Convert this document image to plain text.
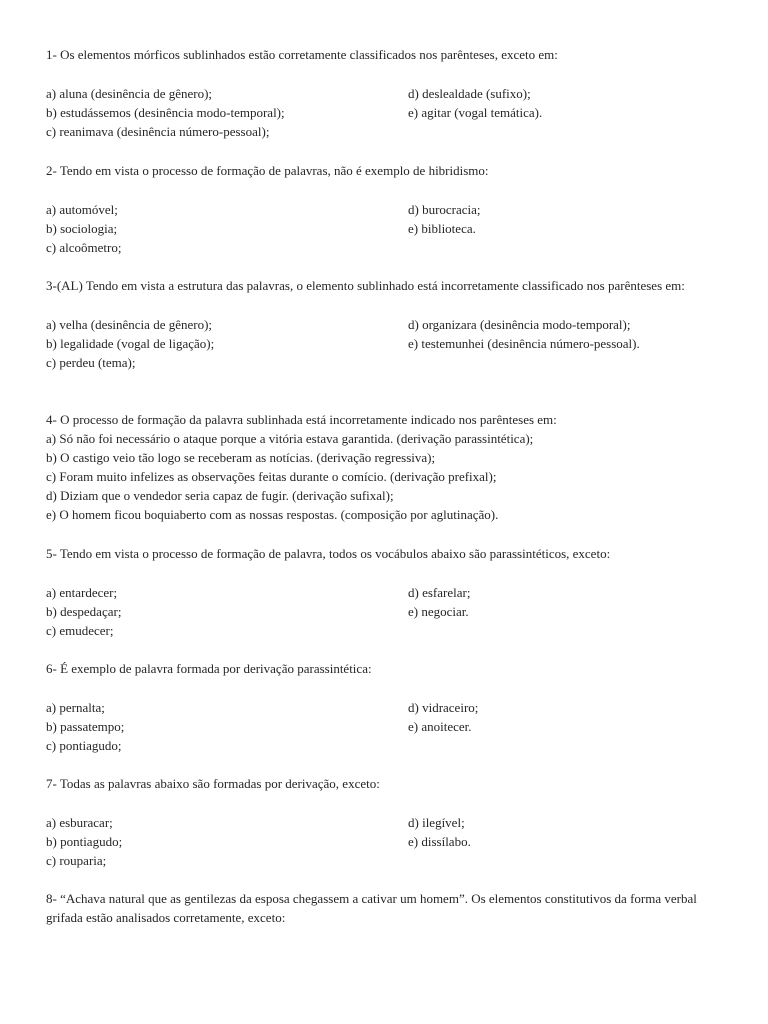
1- Os elementos mórficos sublinhados estão corretamente classificados nos parênteses, exceto em:
a) aluna (desinência de gênero);	d) deslealdade (sufixo);
b) estudássemos (desinência modo-temporal);	e) agitar (vogal temática).
c) reanimava (desinência número-pessoal);
2- Tendo em vista o processo de formação de palavras, não é exemplo de hibridismo:
a) automóvel;	d) burocracia;
b) sociologia;	e) biblioteca.
c) alcoômetro;
3-(AL) Tendo em vista a estrutura das palavras, o elemento sublinhado está incorretamente classificado nos parênteses em:
a) velha (desinência de gênero);	d) organizara (desinência modo-temporal);
b) legalidade (vogal de ligação);	e) testemunhei (desinência número-pessoal).
c) perdeu (tema);
4- O processo de formação da palavra sublinhada está incorretamente indicado nos parênteses em:
a) Só não foi necessário o ataque porque a vitória estava garantida. (derivação parassintética);
b) O castigo veio tão logo se receberam as notícias. (derivação regressiva);
c) Foram muito infelizes as observações feitas durante o comício. (derivação prefixal);
d) Diziam que o vendedor seria capaz de fugir. (derivação sufixal);
e) O homem ficou boquiaberto com as nossas respostas. (composição por aglutinação).
5- Tendo em vista o processo de formação de palavra, todos os vocábulos abaixo são parassintéticos, exceto:
a) entardecer;	d) esfarelar;
b) despedaçar;	e) negociar.
c) emudecer;
6- É exemplo de palavra formada por derivação parassintética:
a) pernalta;	d) vidraceiro;
b) passatempo;	e) anoitecer.
c) pontiagudo;
7- Todas as palavras abaixo são formadas por derivação, exceto:
a) esburacar;	d) ilegível;
b) pontiagudo;	e) dissílabo.
c) rouparia;
8- “Achava natural que as gentilezas da esposa chegassem a cativar um homem”. Os elementos constitutivos da forma verbal grifada estão analisados corretamente, exceto:
